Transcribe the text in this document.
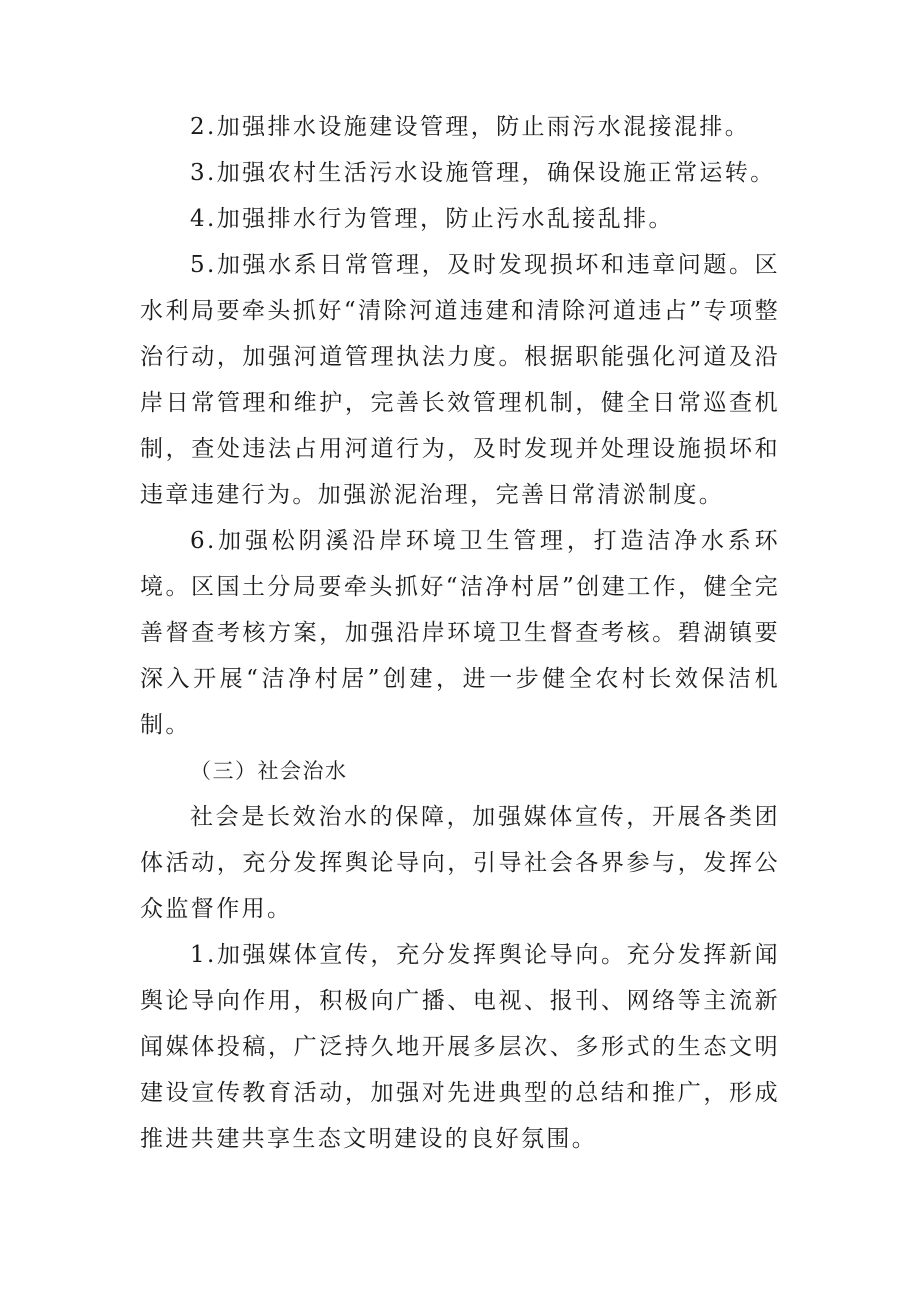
2.加强排水设施建设管理，防止雨污水混接混排。

3.加强农村生活污水设施管理，确保设施正常运转。

4.加强排水行为管理，防止污水乱接乱排。

5.加强水系日常管理，及时发现损坏和违章问题。区水利局要牵头抓好“清除河道违建和清除河道违占”专项整治行动，加强河道管理执法力度。根据职能强化河道及沿岸日常管理和维护，完善长效管理机制，健全日常巡查机制，查处违法占用河道行为，及时发现并处理设施损坏和违章违建行为。加强淤泥治理，完善日常清淤制度。

6.加强松阴溪沿岸环境卫生管理，打造洁净水系环境。区国土分局要牵头抓好“洁净村居”创建工作，健全完善督查考核方案，加强沿岸环境卫生督查考核。碧湖镇要深入开展“洁净村居”创建，进一步健全农村长效保洁机制。

（三）社会治水

社会是长效治水的保障，加强媒体宣传，开展各类团体活动，充分发挥舆论导向，引导社会各界参与，发挥公众监督作用。

1.加强媒体宣传，充分发挥舆论导向。充分发挥新闻舆论导向作用，积极向广播、电视、报刊、网络等主流新闻媒体投稿，广泛持久地开展多层次、多形式的生态文明建设宣传教育活动，加强对先进典型的总结和推广，形成推进共建共享生态文明建设的良好氛围。
